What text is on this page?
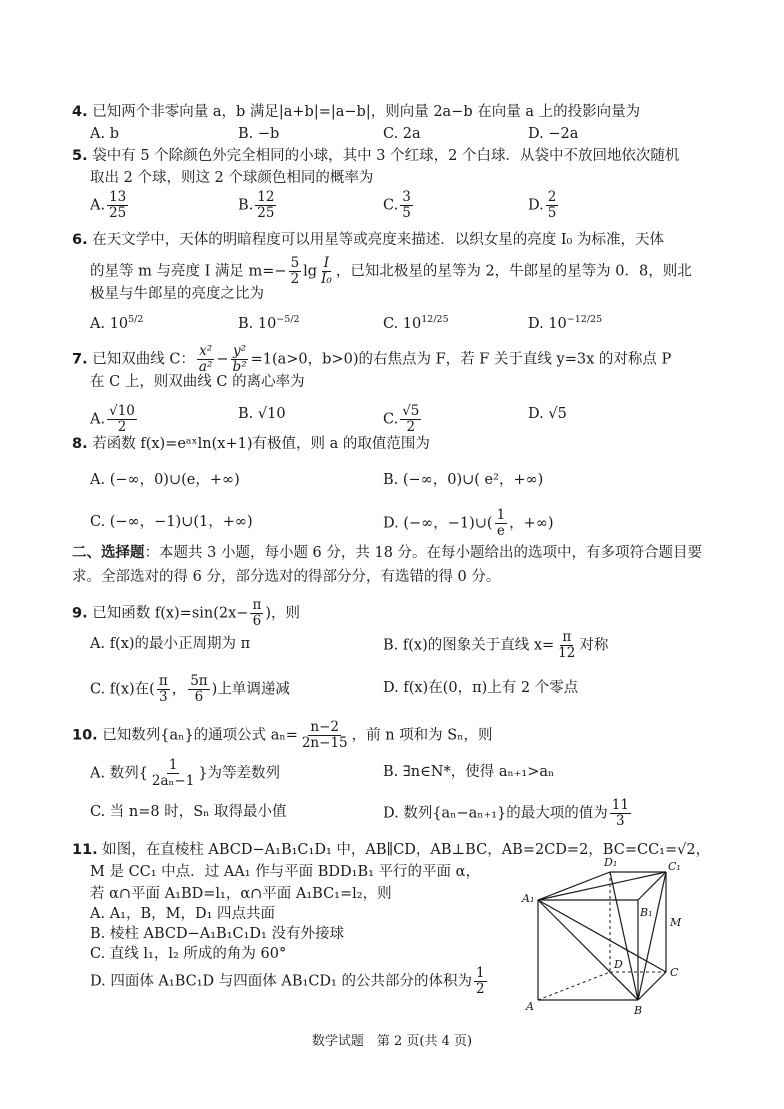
4. 已知两个非零向量 a，b 满足|a+b|=|a−b|，则向量 2a−b 在向量 a 上的投影向量为
A. b	B. −b	C. 2a	D. −2a
5. 袋中有 5 个除颜色外完全相同的小球，其中 3 个红球，2 个白球．从袋中不放回地依次随机
取出 2 个球，则这 2 个球颜色相同的概率为
A. $\frac{13}{25}$	B. $\frac{12}{25}$	C. $\frac{3}{5}$	D. $\frac{2}{5}$
6. 在天文学中，天体的明暗程度可以用星等或亮度来描述．以织女星的亮度 I₀ 为标准，天体
的星等 m 与亮度 I 满足 $m=- \frac{5}{2}$ $\lg \frac{I}{\text{I₀}}$ ，已知北极星的星等为 2，牛郎星的星等为 0．8，则北
极星与牛郎星的亮度之比为
A. $10^{5/2}$	B. $10^{-5/2}$	C. $10^{12/25}$	D. $10^{-12/25}$
7. 已知双曲线 C： $\frac{\text{x²}}{\text{a²}} - \frac{\text{y²}}{\text{b²}} =1(a>0$，b>0)的右焦点为 F，若 F 关于直线 y=3x 的对称点 P
在 C 上，则双曲线 C 的离心率为
A. $\frac{√10}{2}$	B. √10	C. $\frac{√5}{2}$	D. √5
8. 若函数 f(x)=eᵃˣln(x+1)有极值，则 a 的取值范围为
A. (−∞，0)∪(e，+∞)	B. (−∞，0)∪( e²，+∞)
C. (−∞，−1)∪(1，+∞)	D. (−∞，−1)∪( $\frac{1}{e}$ ，+∞)
二、选择题：本题共 3 小题，每小题 6 分，共 18 分。在每小题给出的选项中，有多项符合题目要
求。全部选对的得 6 分，部分选对的得部分分，有选错的得 0 分。
9. 已知函数 $f(x)=\sin(2x- \frac{\pi}{6}$ )，则
A. f(x)的最小正周期为 π	B. f(x)的图象关于直线 $x= \frac{\pi}{12}$ 对称
C. f(x)在( $\frac{\pi}{3}$ ， $\frac{5\pi}{6}$ )上单调递减	D. f(x)在(0，π)上有 2 个零点
10. 已知数列{aₙ}的通项公式 $a_n= \frac{n-2}{2n-15}$ ，前 n 项和为 Sₙ，则
A. 数列{ $\frac{1}{\text{2aₙ−1}}$ }为等差数列	B. ∃n∈N*，使得 aₙ₊₁>aₙ
C. 当 n=8 时，Sₙ 取得最小值	D. 数列{aₙ−aₙ₊₁}的最大项的值为 $\frac{11}{3}$
11. 如图，在直棱柱 ABCD−A₁B₁C₁D₁ 中，AB∥CD，AB⊥BC，AB=2CD=2，BC=CC₁=√2，
M 是 CC₁ 中点．过 AA₁ 作与平面 BDD₁B₁ 平行的平面 α，
若 α∩平面 A₁BD=l₁，α∩平面 A₁BC₁=l₂，则
A. A₁，B，M，D₁ 四点共面
B. 棱柱 ABCD−A₁B₁C₁D₁ 没有外接球
C. 直线 l₁，l₂ 所成的角为 60°
D. 四面体 A₁BC₁D 与四面体 AB₁CD₁ 的公共部分的体积为 $\frac{1}{2}$
A₁
B₁
C₁
D₁
A	B
C
D
M
数学试题　第 2 页(共 4 页)
